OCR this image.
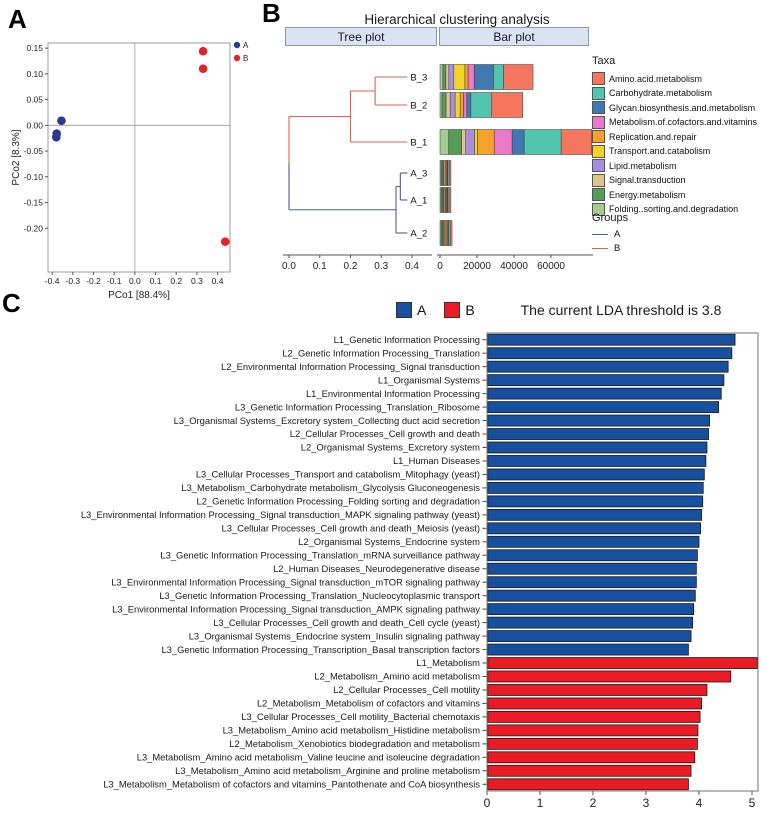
A
-0.4 -0.3 -0.2 -0.1 0.0 0.1 0.2 0.3 0.4
-0.20
-0.15
-0.10
-0.05
0.00
0.05
0.10
0.15
PCo1 [88.4%]
PCo2 [8.3%]
A
B
B	Hierarchical clustering analysis
Tree plot	Bar plot
0.0 0.1 0.2 0.3 0.4
B_3
B_2
B_1
A_3
A_1
A_2
0 20000 40000 60000
Taxa
Amino.acid.metabolism
Carbohydrate.metabolism
Glycan.biosynthesis.and.metabolism
Metabolism.of.cofactors.and.vitamins
Replication.and.repair
Transport.and.catabolism
Lipid.metabolism
Signal.transduction
Energy.metabolism
Folding..sorting.and.degradation
Groups
A
B
C	A	B	The current LDA threshold is 3.8
L1_Genetic Information Processing
L2_Genetic Information Processing_Translation
L2_Environmental Information Processing_Signal transduction
L1_Organismal Systems
L1_Environmental Information Processing
L3_Genetic Information Processing_Translation_Ribosome
L3_Organismal Systems_Excretory system_Collecting duct acid secretion
L2_Cellular Processes_Cell growth and death
L2_Organismal Systems_Excretory system
L1_Human Diseases
L3_Cellular Processes_Transport and catabolism_Mitophagy (yeast)
L3_Metabolism_Carbohydrate metabolism_Glycolysis Gluconeogenesis
L2_Genetic Information Processing_Folding sorting and degradation
L3_Environmental Information Processing_Signal transduction_MAPK signaling pathway (yeast)
L3_Cellular Processes_Cell growth and death_Meiosis (yeast)
L2_Organismal Systems_Endocrine system
L3_Genetic Information Processing_Translation_mRNA surveillance pathway
L2_Human Diseases_Neurodegenerative disease
L3_Environmental Information Processing_Signal transduction_mTOR signaling pathway
L3_Genetic Information Processing_Translation_Nucleocytoplasmic transport
L3_Environmental Information Processing_Signal transduction_AMPK signaling pathway
L3_Cellular Processes_Cell growth and death_Cell cycle (yeast)
L3_Organismal Systems_Endocrine system_Insulin signaling pathway
L3_Genetic Information Processing_Transcription_Basal transcription factors
L1_Metabolism
L2_Metabolism_Amino acid metabolism
L2_Cellular Processes_Cell motility
L2_Metabolism_Metabolism of cofactors and vitamins
L3_Cellular Processes_Cell motility_Bacterial chemotaxis
L3_Metabolism_Amino acid metabolism_Histidine metabolism
L2_Metabolism_Xenobiotics biodegradation and metabolism
L3_Metabolism_Amino acid metabolism_Valine leucine and isoleucine degradation
L3_Metabolism_Amino acid metabolism_Arginine and proline metabolism
L3_Metabolism_Metabolism of cofactors and vitamins_Pantothenate and CoA biosynthesis
0	1	2	3	4	5
